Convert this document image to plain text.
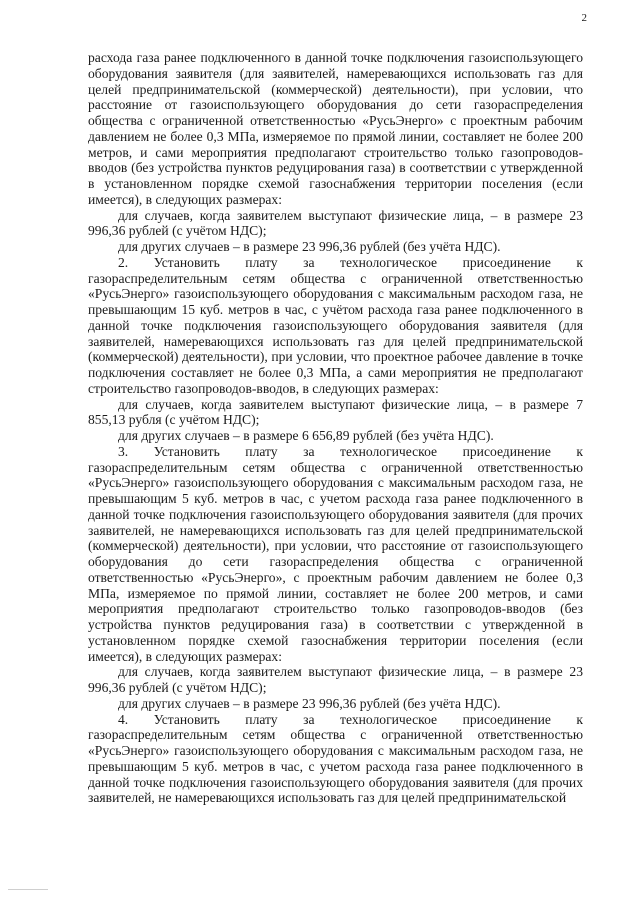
2

расхода газа ранее подключенного в данной точке подключения газоиспользующего оборудования заявителя (для заявителей, намеревающихся использовать газ для целей предпринимательской (коммерческой) деятельности), при условии, что расстояние от газоиспользующего оборудования до сети газораспределения общества с ограниченной ответственностью «РусьЭнерго» с проектным рабочим давлением не более 0,3 МПа, измеряемое по прямой линии, составляет не более 200 метров, и сами мероприятия предполагают строительство только газопроводов-вводов (без устройства пунктов редуцирования газа) в соответствии с утвержденной в установленном порядке схемой газоснабжения территории поселения (если имеется), в следующих размерах:

для случаев, когда заявителем выступают физические лица, – в размере 23 996,36 рублей (с учётом НДС);

для других случаев – в размере 23 996,36 рублей (без учёта НДС).

2. Установить плату за технологическое присоединение к газораспределительным сетям общества с ограниченной ответственностью «РусьЭнерго» газоиспользующего оборудования с максимальным расходом газа, не превышающим 15 куб. метров в час, с учётом расхода газа ранее подключенного в данной точке подключения газоиспользующего оборудования заявителя (для заявителей, намеревающихся использовать газ для целей предпринимательской (коммерческой) деятельности), при условии, что проектное рабочее давление в точке подключения составляет не более 0,3 МПа, а сами мероприятия не предполагают строительство газопроводов-вводов, в следующих размерах:

для случаев, когда заявителем выступают физические лица, – в размере 7 855,13 рубля (с учётом НДС);

для других случаев – в размере 6 656,89 рублей (без учёта НДС).

3. Установить плату за технологическое присоединение к газораспределительным сетям общества с ограниченной ответственностью «РусьЭнерго» газоиспользующего оборудования с максимальным расходом газа, не превышающим 5 куб. метров в час, с учетом расхода газа ранее подключенного в данной точке подключения газоиспользующего оборудования заявителя (для прочих заявителей, не намеревающихся использовать газ для целей предпринимательской (коммерческой) деятельности), при условии, что расстояние от газоиспользующего оборудования до сети газораспределения общества с ограниченной ответственностью «РусьЭнерго», с проектным рабочим давлением не более 0,3 МПа, измеряемое по прямой линии, составляет не более 200 метров, и сами мероприятия предполагают строительство только газопроводов-вводов (без устройства пунктов редуцирования газа) в соответствии с утвержденной в установленном порядке схемой газоснабжения территории поселения (если имеется), в следующих размерах:

для случаев, когда заявителем выступают физические лица, – в размере 23 996,36 рублей (с учётом НДС);

для других случаев – в размере 23 996,36 рублей (без учёта НДС).

4. Установить плату за технологическое присоединение к газораспределительным сетям общества с ограниченной ответственностью «РусьЭнерго» газоиспользующего оборудования с максимальным расходом газа, не превышающим 5 куб. метров в час, с учетом расхода газа ранее подключенного в данной точке подключения газоиспользующего оборудования заявителя (для прочих заявителей, не намеревающихся использовать газ для целей предпринимательской
